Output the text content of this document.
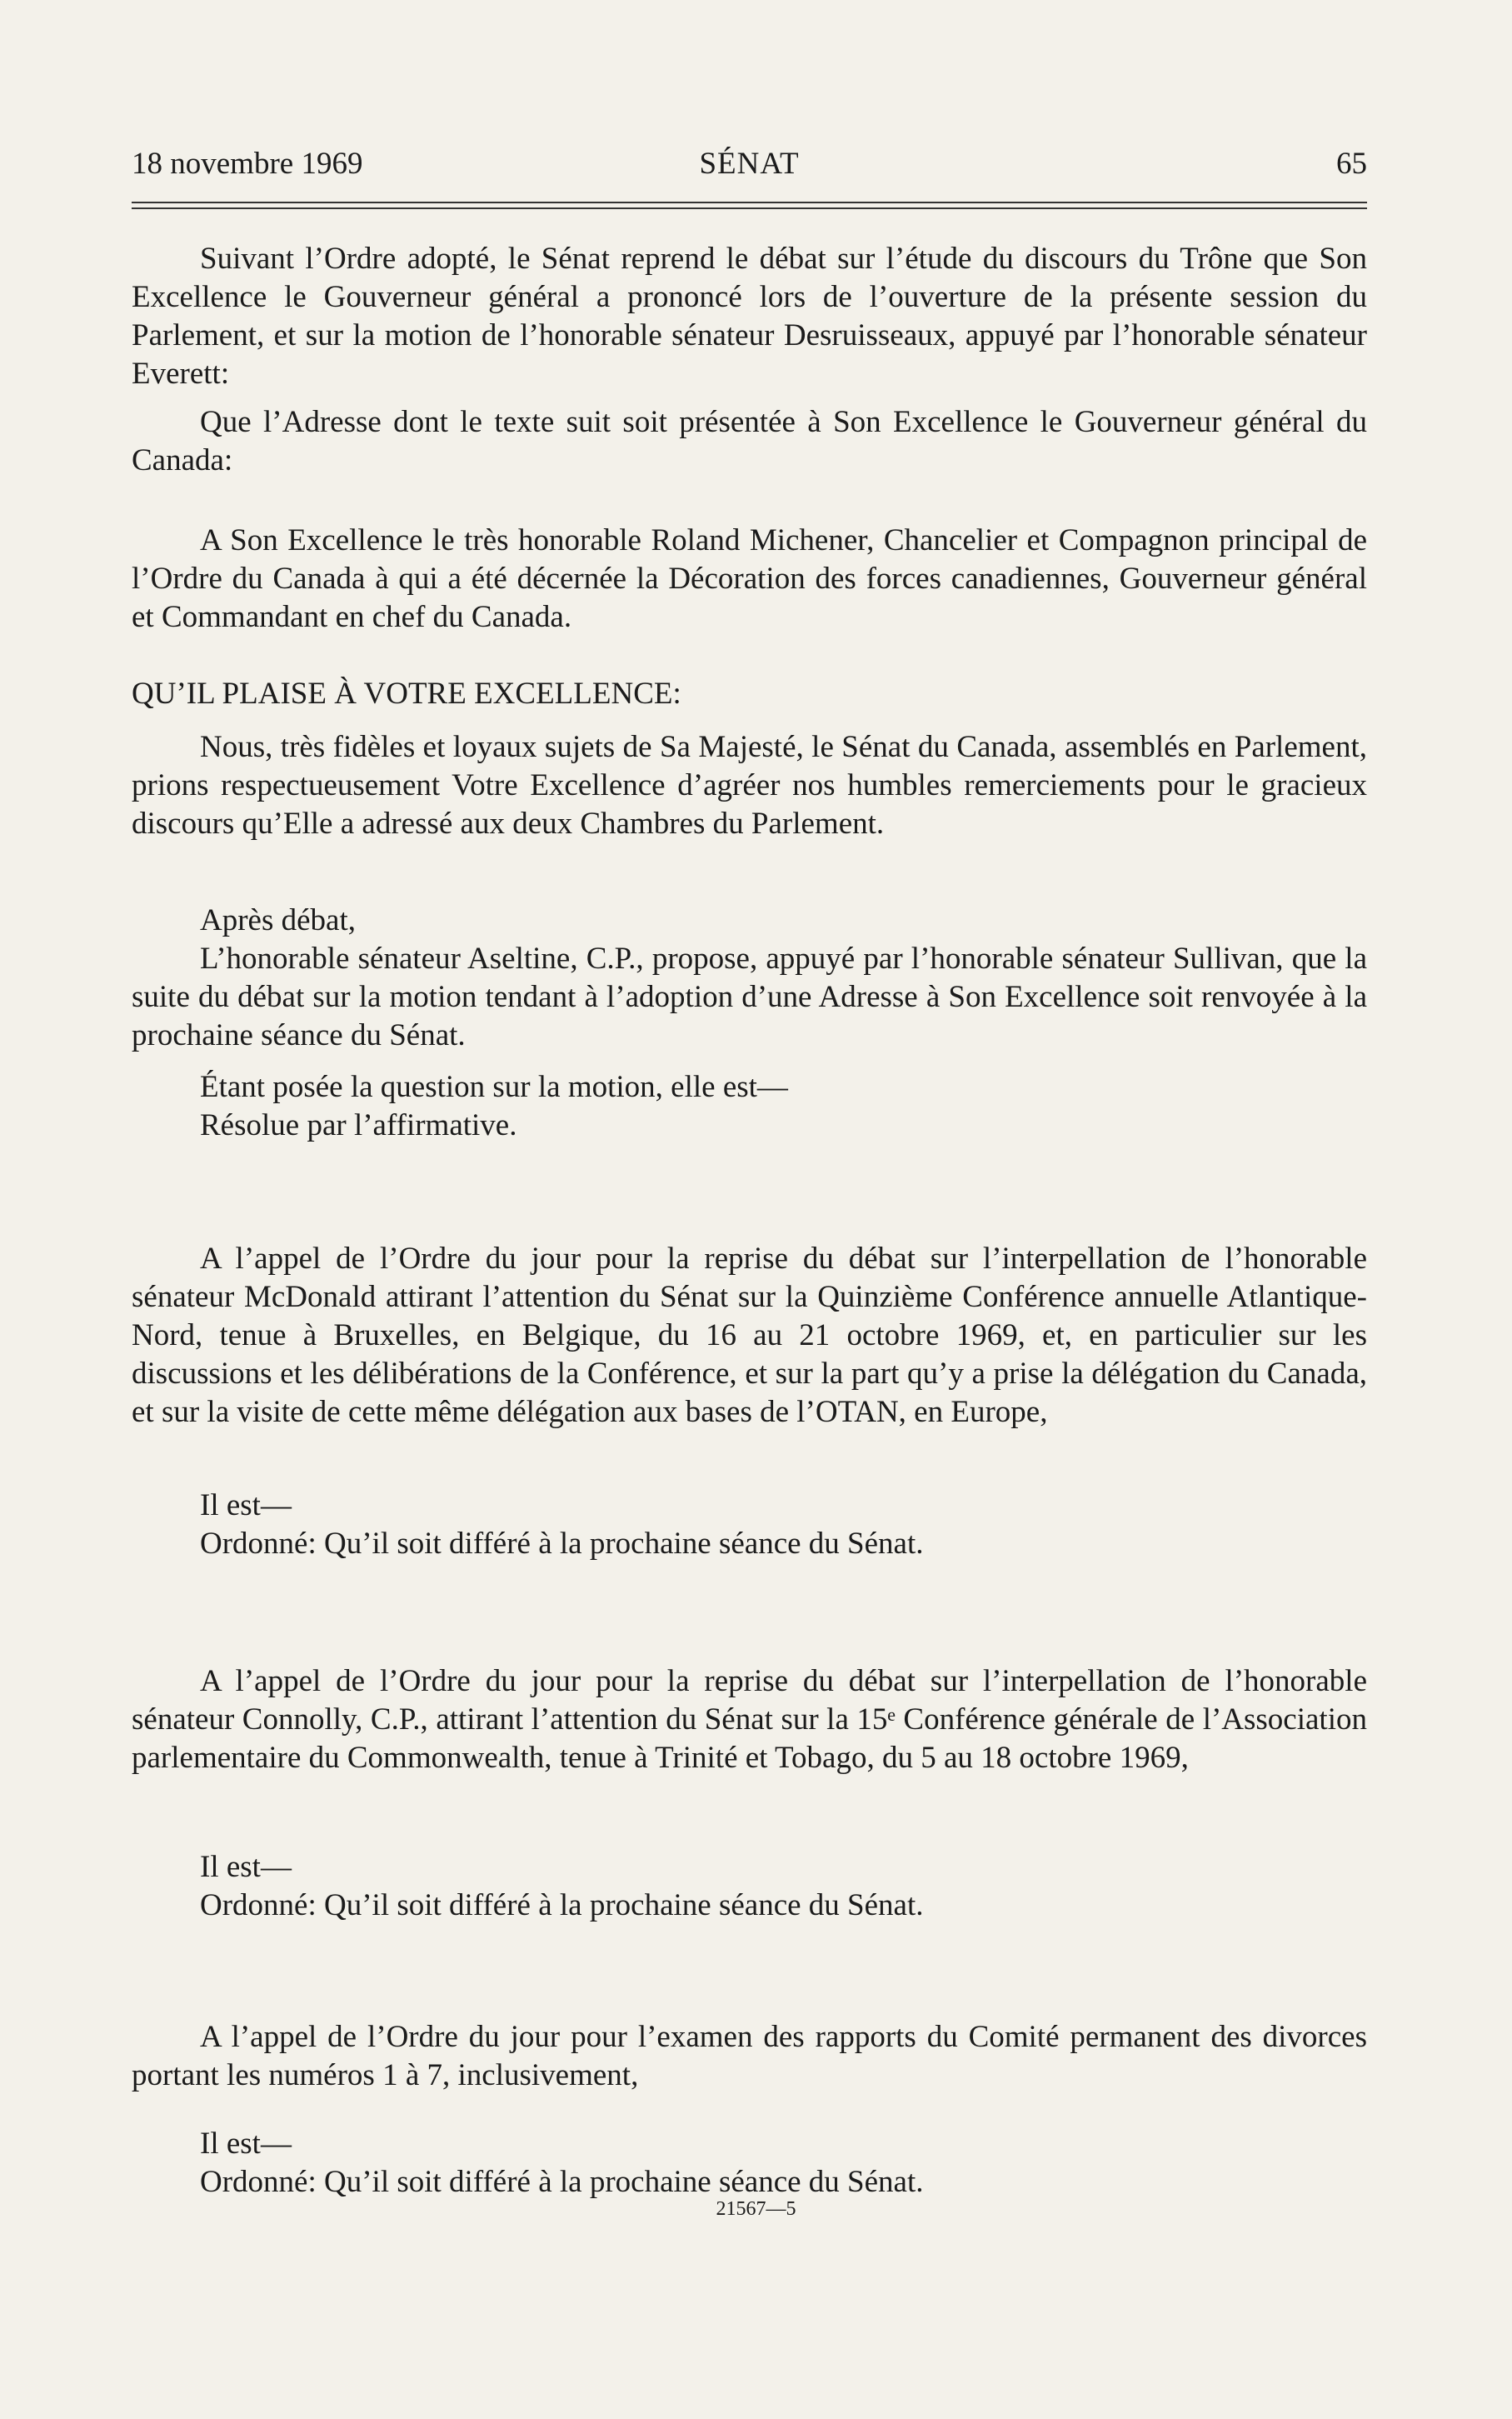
18 novembre 1969	SÉNAT	65

Suivant l’Ordre adopté, le Sénat reprend le débat sur l’étude du discours du Trône que Son Excellence le Gouverneur général a prononcé lors de l’ouverture de la présente session du Parlement, et sur la motion de l’honorable sénateur Desruisseaux, appuyé par l’honorable sénateur Everett:

Que l’Adresse dont le texte suit soit présentée à Son Excellence le Gouverneur général du Canada:

A Son Excellence le très honorable Roland Michener, Chancelier et Compagnon principal de l’Ordre du Canada à qui a été décernée la Décoration des forces canadiennes, Gouverneur général et Commandant en chef du Canada.

QU’IL PLAISE À VOTRE EXCELLENCE:

Nous, très fidèles et loyaux sujets de Sa Majesté, le Sénat du Canada, assemblés en Parlement, prions respectueusement Votre Excellence d’agréer nos humbles remerciements pour le gracieux discours qu’Elle a adressé aux deux Chambres du Parlement.

Après débat,

L’honorable sénateur Aseltine, C.P., propose, appuyé par l’honorable sénateur Sullivan, que la suite du débat sur la motion tendant à l’adoption d’une Adresse à Son Excellence soit renvoyée à la prochaine séance du Sénat.

Étant posée la question sur la motion, elle est—

Résolue par l’affirmative.

A l’appel de l’Ordre du jour pour la reprise du débat sur l’interpellation de l’honorable sénateur McDonald attirant l’attention du Sénat sur la Quinzième Conférence annuelle Atlantique-Nord, tenue à Bruxelles, en Belgique, du 16 au 21 octobre 1969, et, en particulier sur les discussions et les délibérations de la Conférence, et sur la part qu’y a prise la délégation du Canada, et sur la visite de cette même délégation aux bases de l’OTAN, en Europe,

Il est—

Ordonné: Qu’il soit différé à la prochaine séance du Sénat.

A l’appel de l’Ordre du jour pour la reprise du débat sur l’interpellation de l’honorable sénateur Connolly, C.P., attirant l’attention du Sénat sur la 15ᵉ Conférence générale de l’Association parlementaire du Commonwealth, tenue à Trinité et Tobago, du 5 au 18 octobre 1969,

Il est—

Ordonné: Qu’il soit différé à la prochaine séance du Sénat.

A l’appel de l’Ordre du jour pour l’examen des rapports du Comité permanent des divorces portant les numéros 1 à 7, inclusivement,

Il est—

Ordonné: Qu’il soit différé à la prochaine séance du Sénat.

21567—5
